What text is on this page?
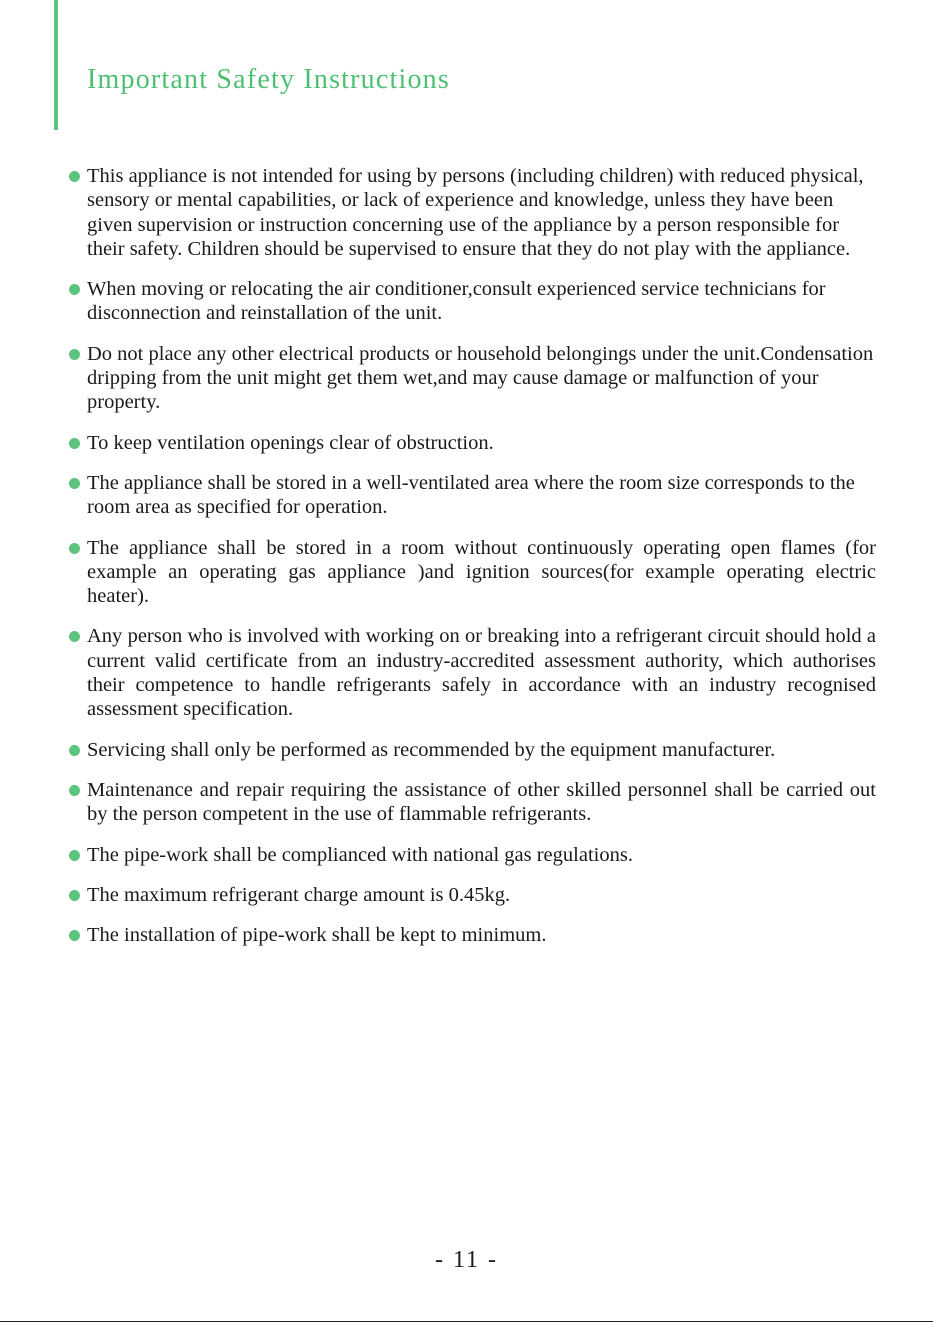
Important Safety Instructions
This appliance is not intended for using by persons (including children) with reduced physical, sensory or mental capabilities, or lack of experience and knowledge, unless they have been given supervision or instruction concerning use of the appliance by a person responsible for their safety. Children should be supervised to ensure that they do not play with the appliance.
When moving or relocating the air conditioner,consult experienced service technicians for disconnection and reinstallation of the unit.
Do not place any other electrical products or household belongings under the unit.Condensation dripping from the unit might get them wet,and may cause damage or malfunction of your property.
To keep ventilation openings clear of obstruction.
The appliance shall be stored in a well-ventilated area where the room size corresponds to the room area as specified for operation.
The appliance shall be stored in a room without continuously operating open flames (for example an operating gas appliance )and ignition sources(for example operating electric heater).
Any person who is involved with working on or breaking into a refrigerant circuit should hold a current valid certificate from an industry-accredited assessment authority, which authorises their competence to handle refrigerants safely in accordance with an industry recognised assessment specification.
Servicing shall only be performed as recommended by the equipment manufacturer.
Maintenance and repair requiring the assistance of other skilled personnel shall be carried out by the person competent in the use of flammable refrigerants.
The pipe-work shall be complianced with national gas regulations.
The maximum refrigerant charge amount is 0.45kg.
The installation of pipe-work shall be kept to minimum.
- 11 -
